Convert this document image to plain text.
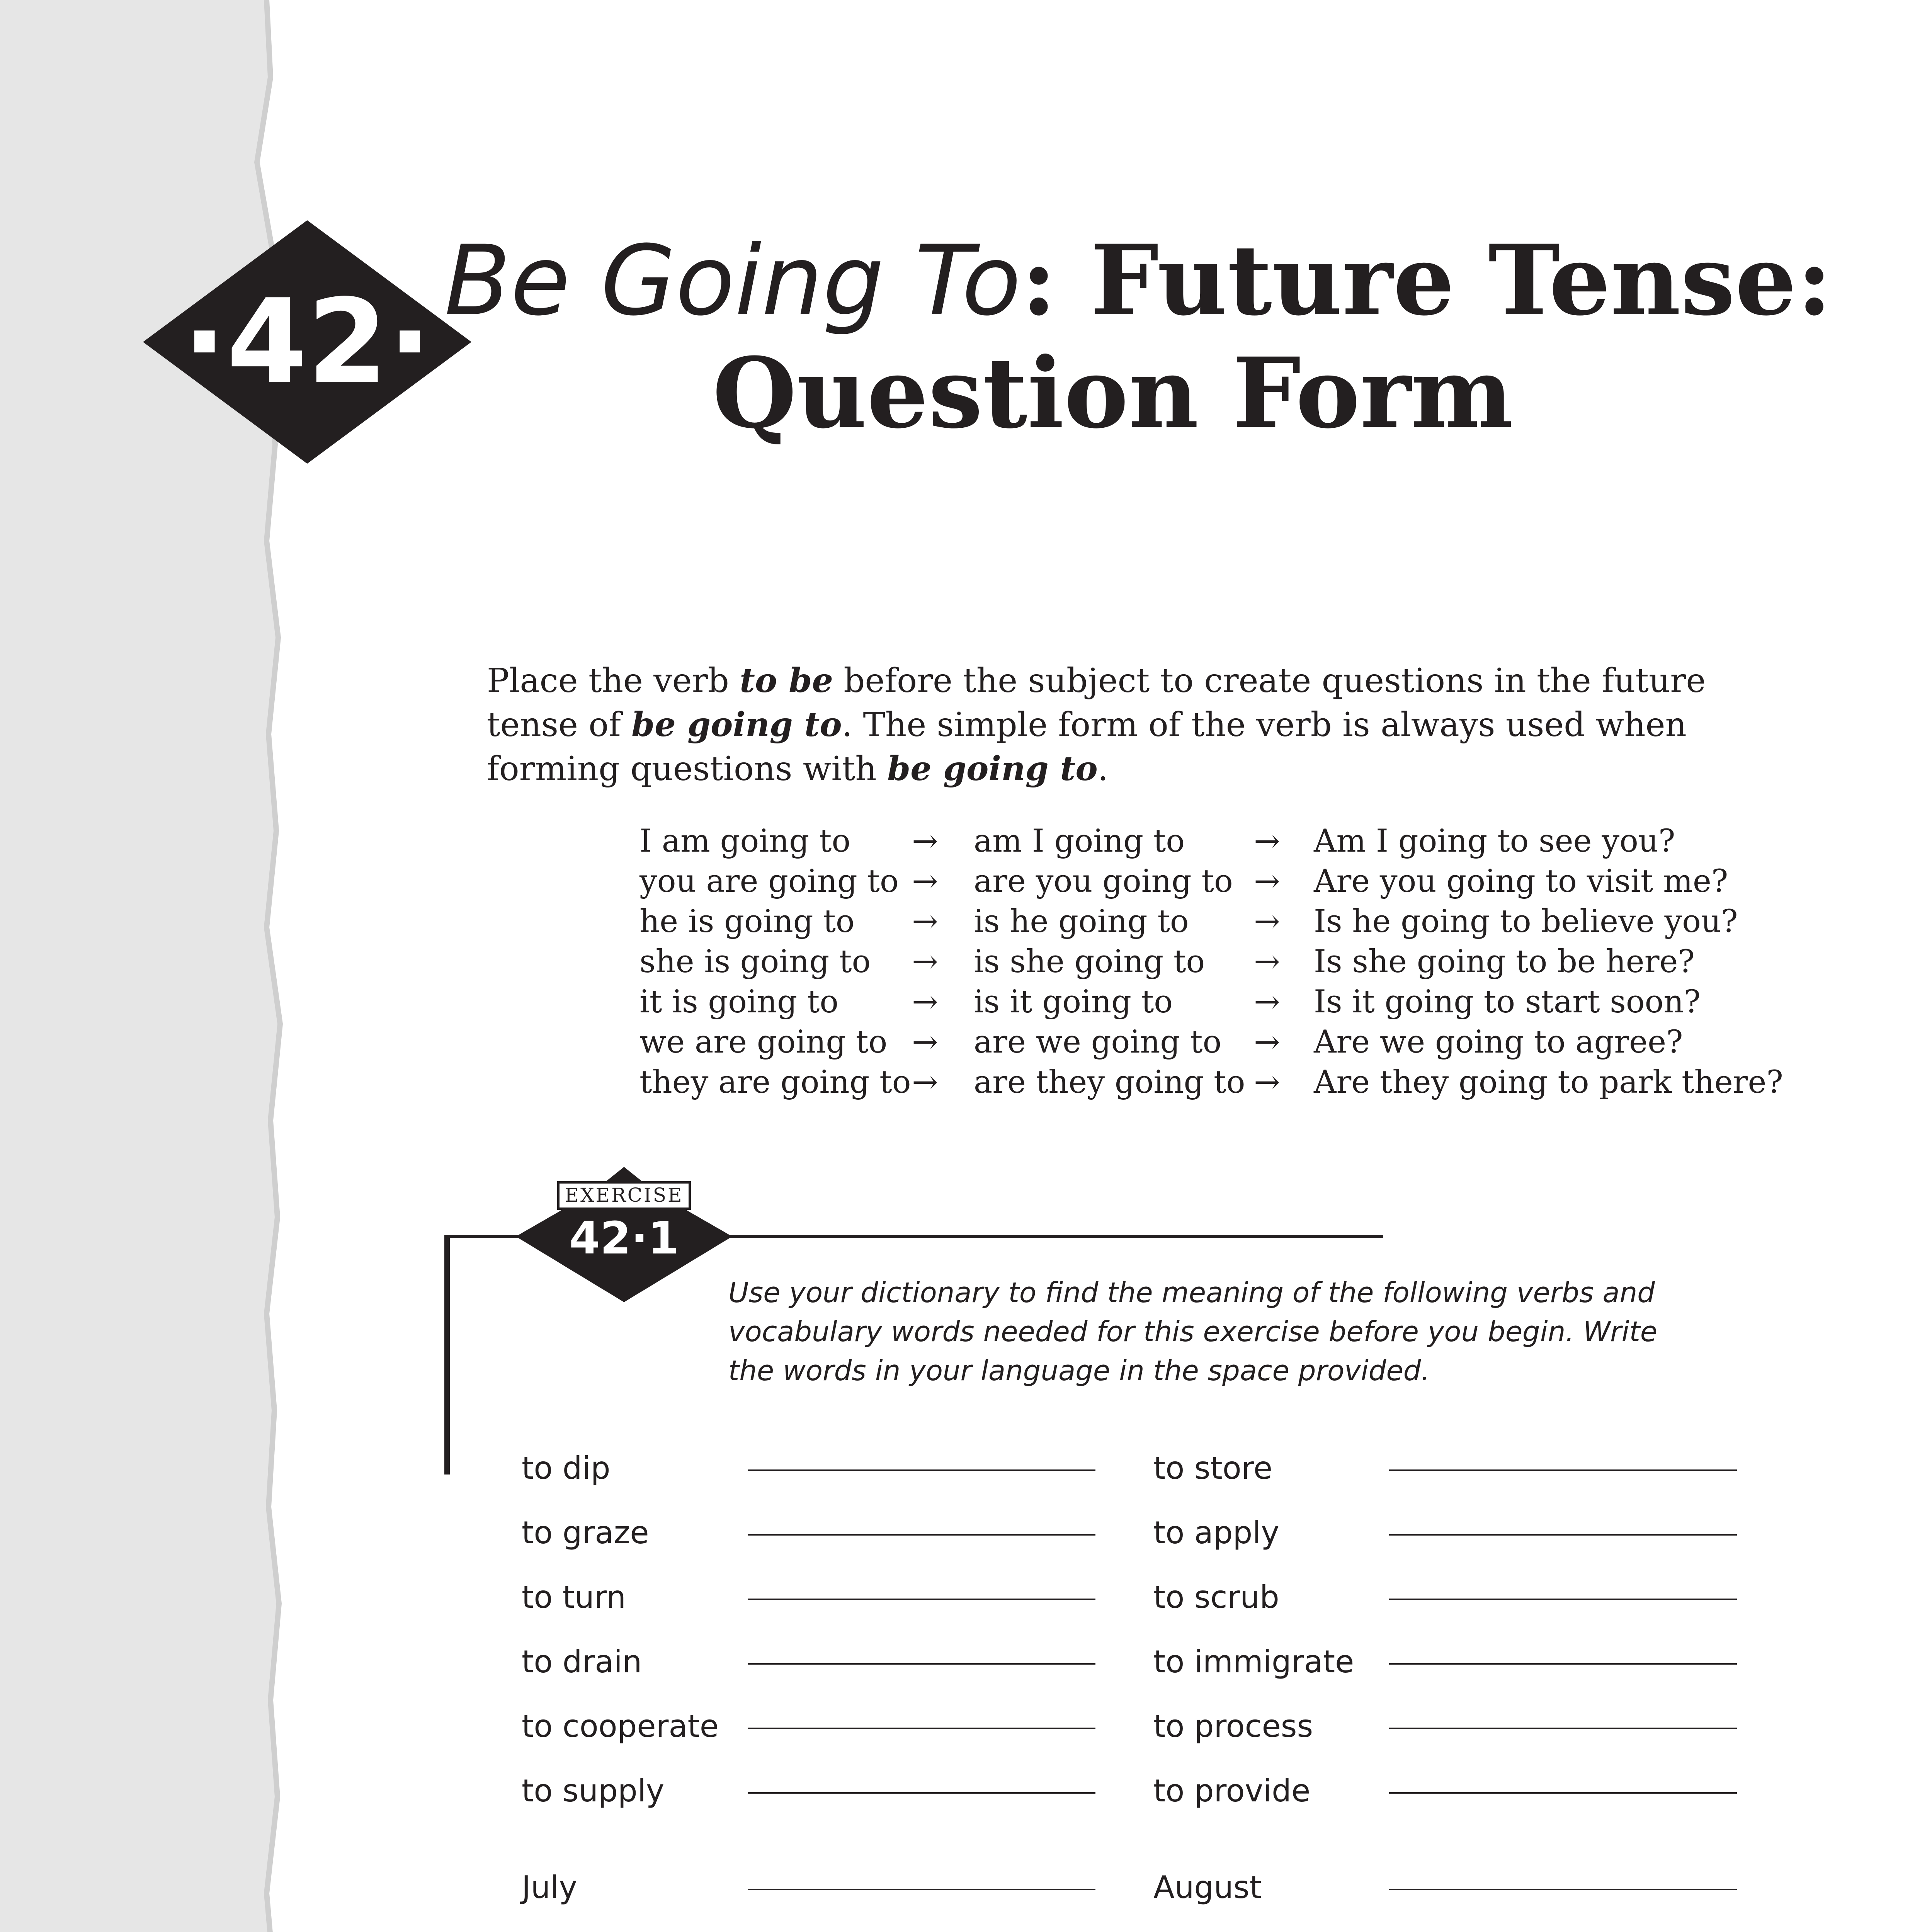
·42· Be Going To: Future Tense:
Question Form

Place the verb to be before the subject to create questions in the future tense of be going to. The simple form of the verb is always used when forming questions with be going to.

I am going to → am I going to → Am I going to see you?
you are going to → are you going to → Are you going to visit me?
he is going to → is he going to → Is he going to believe you?
she is going to → is she going to → Is she going to be here?
it is going to → is it going to	→ Is it going to start soon?
we are going to → are we going to → Are we going to agree?
they are going to → are they going to → Are they going to park there?
EXERCISE
42·1

Use your dictionary to find the meaning of the following verbs and vocabulary words needed for this exercise before you begin. Write the words in your language in the space provided.

to dip
to graze
to turn
to drain
to cooperate
to supply
July
to store
to apply
to scrub
to immigrate
to process
to provide
August
